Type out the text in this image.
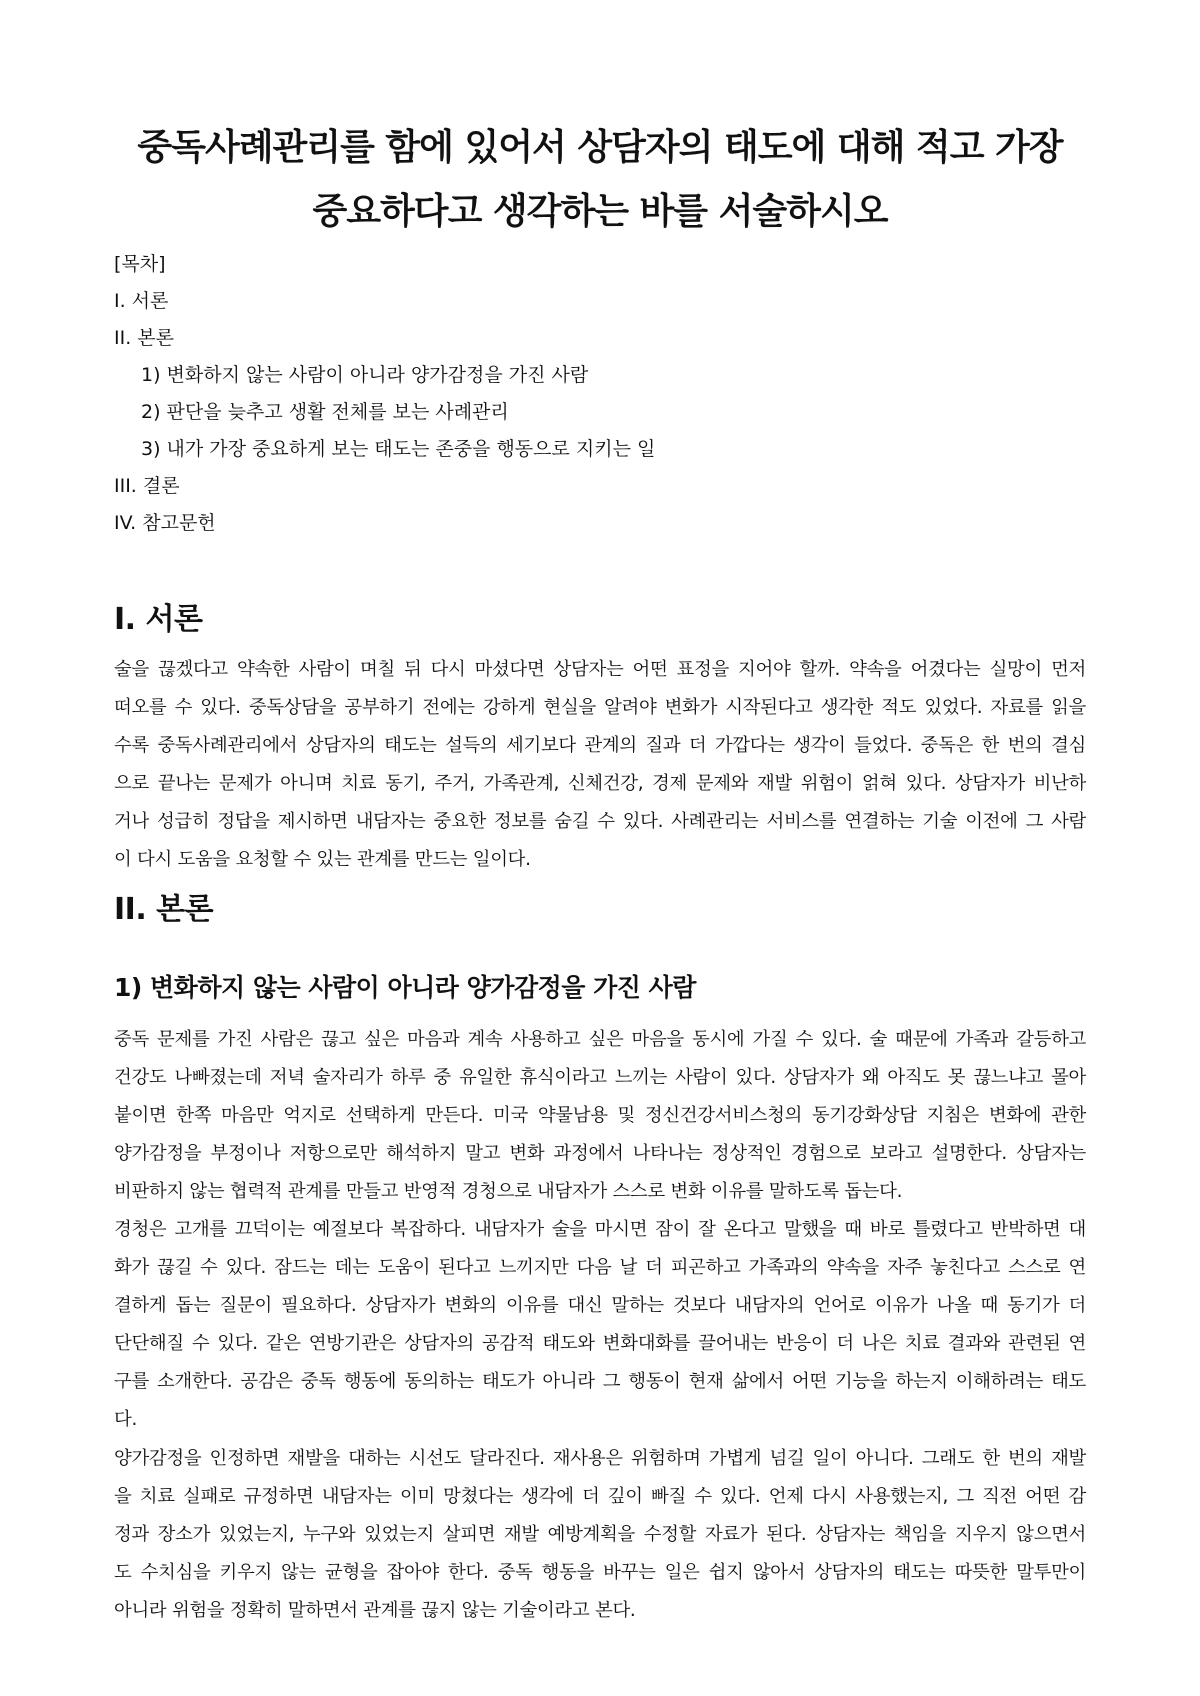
중독사례관리를 함에 있어서 상담자의 태도에 대해 적고 가장
중요하다고 생각하는 바를 서술하시오
[목차]
I. 서론
II. 본론
1) 변화하지 않는 사람이 아니라 양가감정을 가진 사람
2) 판단을 늦추고 생활 전체를 보는 사례관리
3) 내가 가장 중요하게 보는 태도는 존중을 행동으로 지키는 일
III. 결론
IV. 참고문헌
I. 서론
술을 끊겠다고 약속한 사람이 며칠 뒤 다시 마셨다면 상담자는 어떤 표정을 지어야 할까. 약속을 어겼다는 실망이 먼저
떠오를 수 있다. 중독상담을 공부하기 전에는 강하게 현실을 알려야 변화가 시작된다고 생각한 적도 있었다. 자료를 읽을
수록 중독사례관리에서 상담자의 태도는 설득의 세기보다 관계의 질과 더 가깝다는 생각이 들었다. 중독은 한 번의 결심
으로 끝나는 문제가 아니며 치료 동기, 주거, 가족관계, 신체건강, 경제 문제와 재발 위험이 얽혀 있다. 상담자가 비난하
거나 성급히 정답을 제시하면 내담자는 중요한 정보를 숨길 수 있다. 사례관리는 서비스를 연결하는 기술 이전에 그 사람
이 다시 도움을 요청할 수 있는 관계를 만드는 일이다.
II. 본론
1) 변화하지 않는 사람이 아니라 양가감정을 가진 사람
중독 문제를 가진 사람은 끊고 싶은 마음과 계속 사용하고 싶은 마음을 동시에 가질 수 있다. 술 때문에 가족과 갈등하고
건강도 나빠졌는데 저녁 술자리가 하루 중 유일한 휴식이라고 느끼는 사람이 있다. 상담자가 왜 아직도 못 끊느냐고 몰아
붙이면 한쪽 마음만 억지로 선택하게 만든다. 미국 약물남용 및 정신건강서비스청의 동기강화상담 지침은 변화에 관한
양가감정을 부정이나 저항으로만 해석하지 말고 변화 과정에서 나타나는 정상적인 경험으로 보라고 설명한다. 상담자는
비판하지 않는 협력적 관계를 만들고 반영적 경청으로 내담자가 스스로 변화 이유를 말하도록 돕는다.
경청은 고개를 끄덕이는 예절보다 복잡하다. 내담자가 술을 마시면 잠이 잘 온다고 말했을 때 바로 틀렸다고 반박하면 대
화가 끊길 수 있다. 잠드는 데는 도움이 된다고 느끼지만 다음 날 더 피곤하고 가족과의 약속을 자주 놓친다고 스스로 연
결하게 돕는 질문이 필요하다. 상담자가 변화의 이유를 대신 말하는 것보다 내담자의 언어로 이유가 나올 때 동기가 더
단단해질 수 있다. 같은 연방기관은 상담자의 공감적 태도와 변화대화를 끌어내는 반응이 더 나은 치료 결과와 관련된 연
구를 소개한다. 공감은 중독 행동에 동의하는 태도가 아니라 그 행동이 현재 삶에서 어떤 기능을 하는지 이해하려는 태도
다.
양가감정을 인정하면 재발을 대하는 시선도 달라진다. 재사용은 위험하며 가볍게 넘길 일이 아니다. 그래도 한 번의 재발
을 치료 실패로 규정하면 내담자는 이미 망쳤다는 생각에 더 깊이 빠질 수 있다. 언제 다시 사용했는지, 그 직전 어떤 감
정과 장소가 있었는지, 누구와 있었는지 살피면 재발 예방계획을 수정할 자료가 된다. 상담자는 책임을 지우지 않으면서
도 수치심을 키우지 않는 균형을 잡아야 한다. 중독 행동을 바꾸는 일은 쉽지 않아서 상담자의 태도는 따뜻한 말투만이
아니라 위험을 정확히 말하면서 관계를 끊지 않는 기술이라고 본다.
